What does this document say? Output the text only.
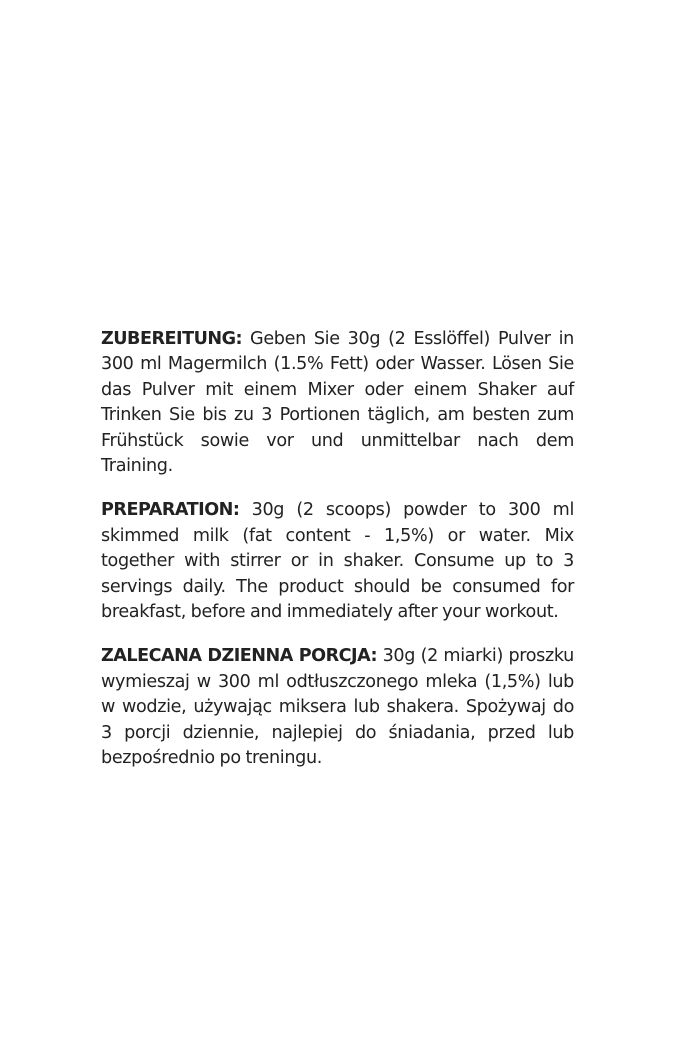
ZUBEREITUNG: Geben Sie 30g (2 Esslöffel) Pulver in 300 ml Magermilch (1.5% Fett) oder Wasser. Lösen Sie das Pulver mit einem Mixer oder einem Shaker auf Trinken Sie bis zu 3 Portionen täglich, am besten zum Frühstück sowie vor und unmittelbar nach dem Training.

PREPARATION: 30g (2 scoops) powder to 300 ml skimmed milk (fat content - 1,5%) or water. Mix together with stirrer or in shaker. Consume up to 3 servings daily. The product should be consumed for breakfast, before and immediately after your workout.

ZALECANA DZIENNA PORCJA: 30g (2 miarki) proszku wymieszaj w 300 ml odtłuszczonego mleka (1,5%) lub w wodzie, używając miksera lub shakera. Spożywaj do 3 porcji dziennie, najlepiej do śniadania, przed lub bezpośrednio po treningu.
